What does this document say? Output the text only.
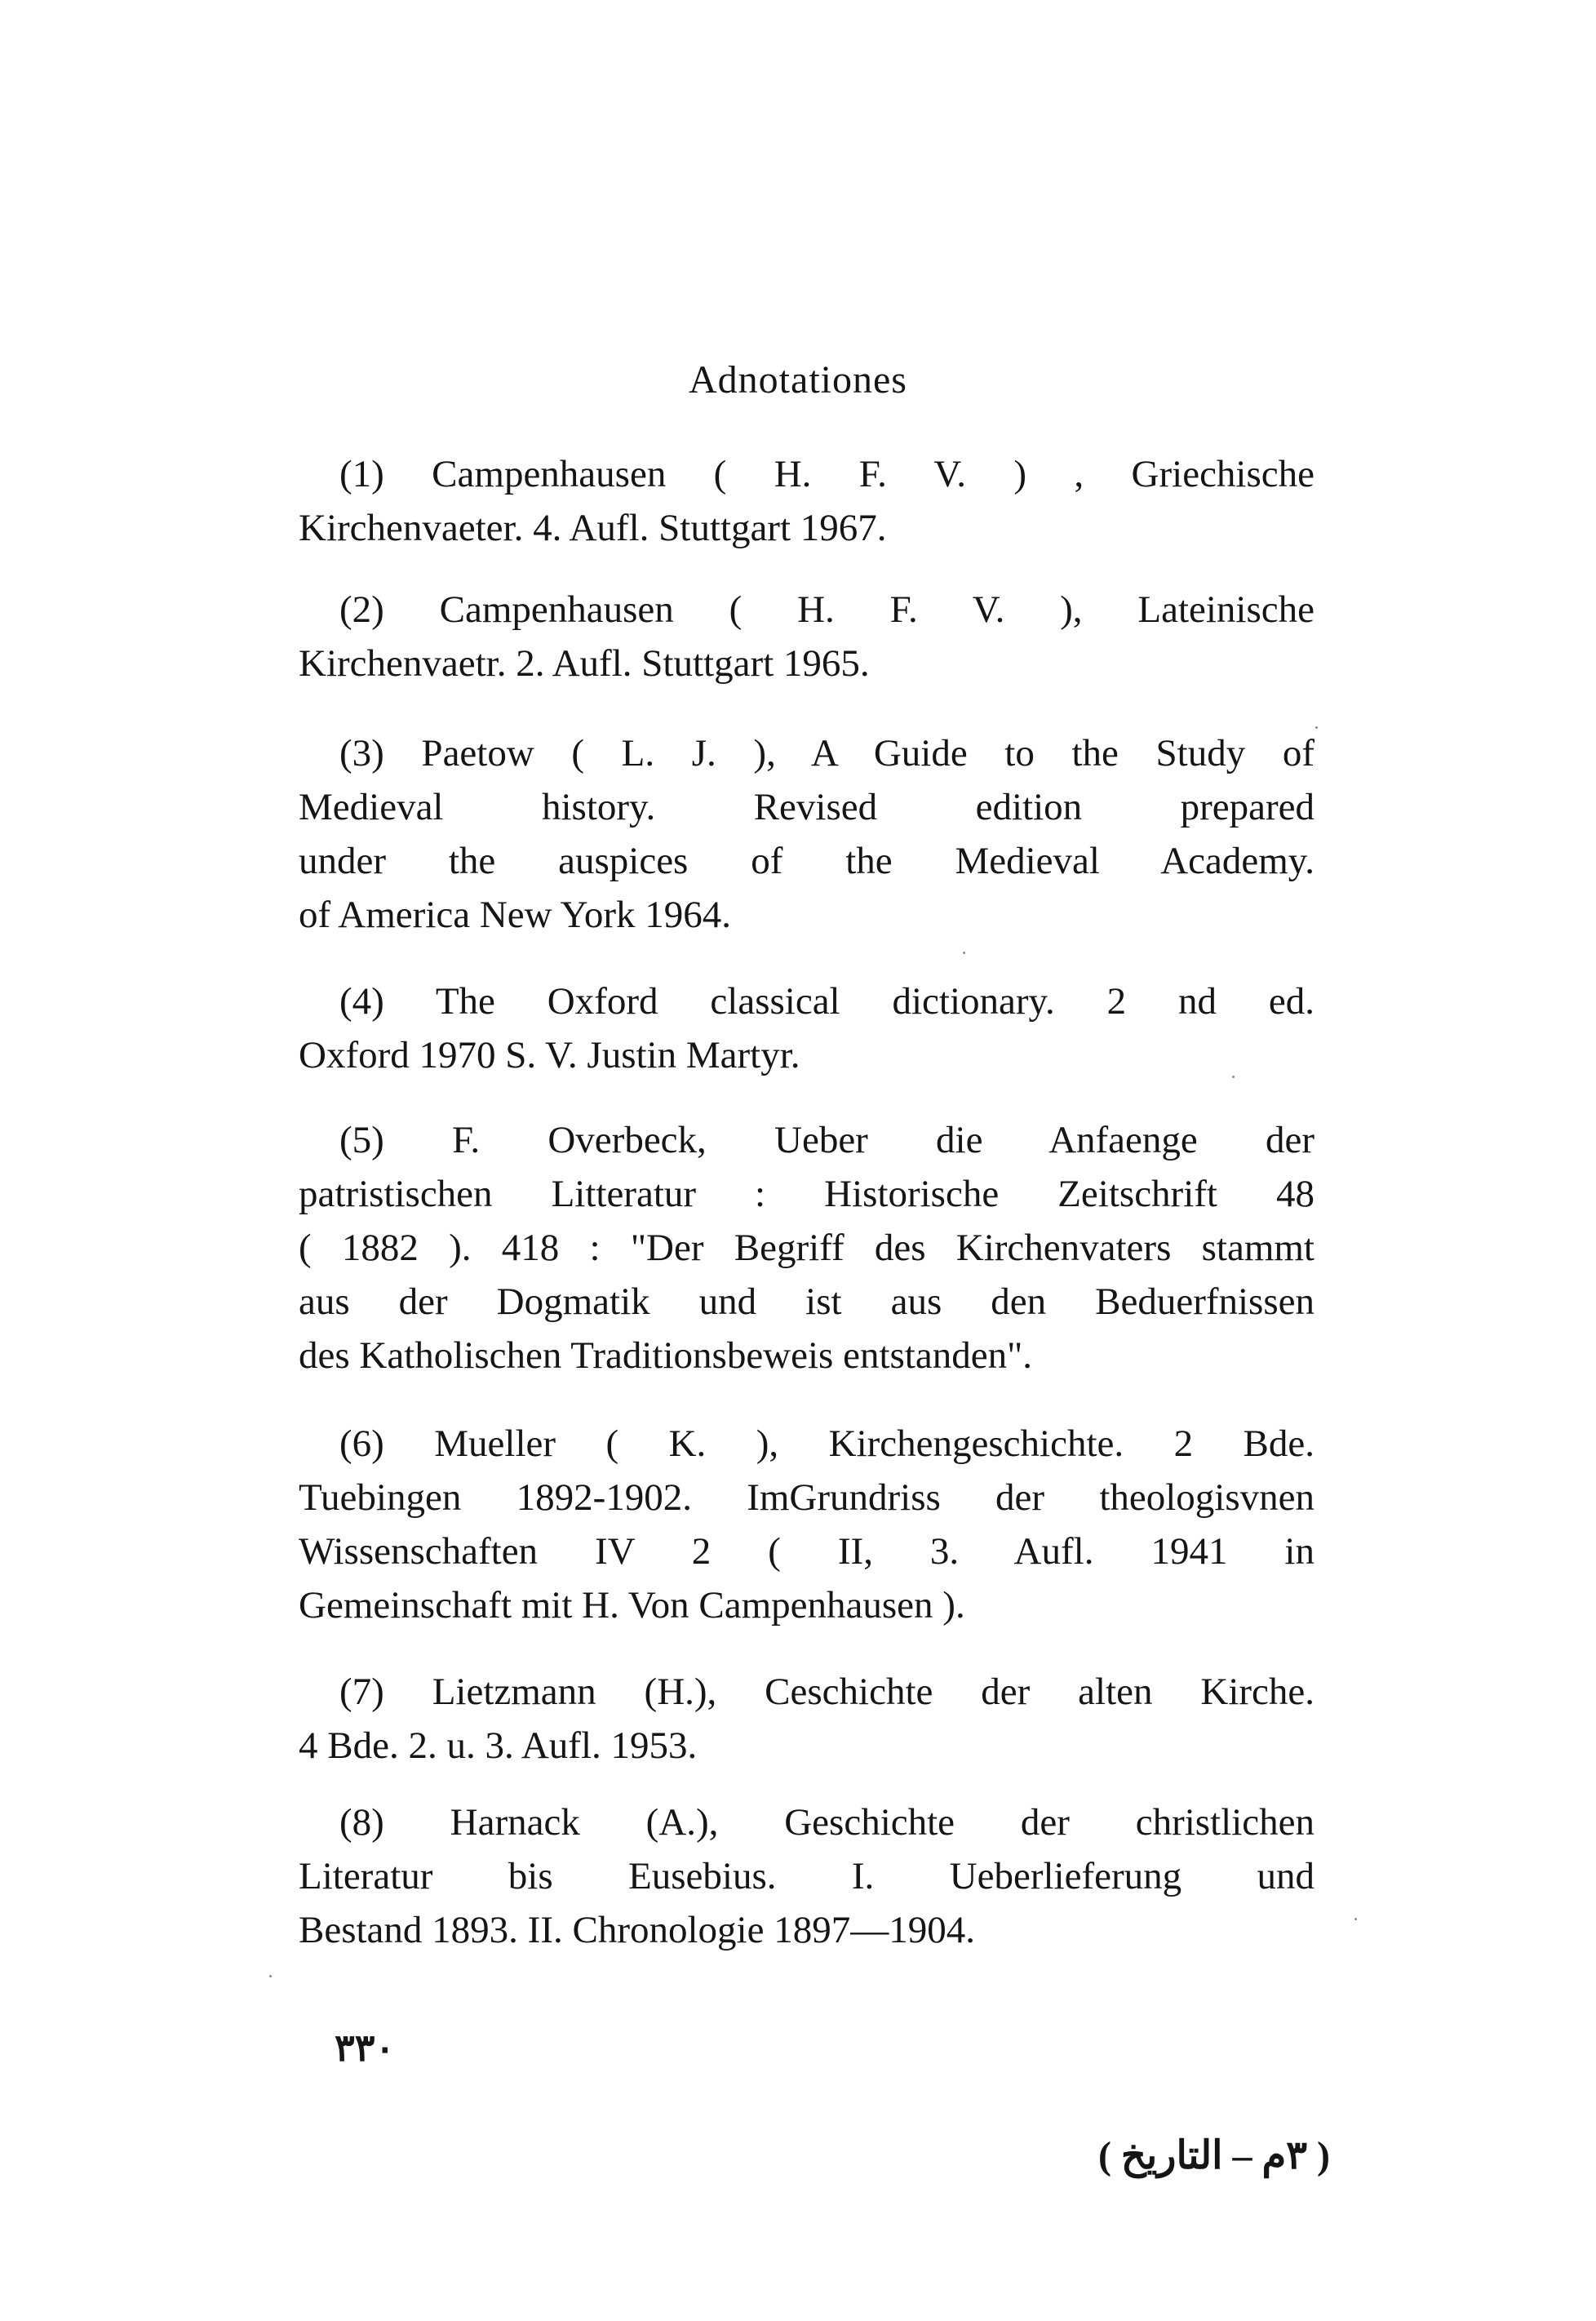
Adnotationes
(1) Campenhausen ( H. F. V. ) , Griechische
Kirchenvaeter. 4. Aufl. Stuttgart 1967.
(2) Campenhausen ( H. F. V. ), Lateinische
Kirchenvaetr. 2. Aufl. Stuttgart 1965.
(3) Paetow ( L. J. ), A Guide to the Study of
Medieval history. Revised edition prepared
under the auspices of the Medieval Academy.
of America New York 1964.
(4) The Oxford classical dictionary. 2 nd ed.
Oxford 1970 S. V. Justin Martyr.
(5) F. Overbeck, Ueber die Anfaenge der
patristischen Litteratur : Historische Zeitschrift 48
( 1882 ). 418 : "Der Begriff des Kirchenvaters stammt
aus der Dogmatik und ist aus den Beduerfnissen
des Katholischen Traditionsbeweis entstanden".
(6) Mueller ( K. ), Kirchengeschichte. 2 Bde.
Tuebingen 1892-1902. ImGrundriss der theologisvnen
Wissenschaften IV 2 ( II, 3. Aufl. 1941 in
Gemeinschaft mit H. Von Campenhausen ).
(7) Lietzmann (H.), Ceschichte der alten Kirche.
4 Bde. 2. u. 3. Aufl. 1953.
(8) Harnack (A.), Geschichte der christlichen
Literatur bis Eusebius. I. Ueberlieferung und
Bestand 1893. II. Chronologie 1897—1904.
٣٣٠
( ٣م – التاريخ )
